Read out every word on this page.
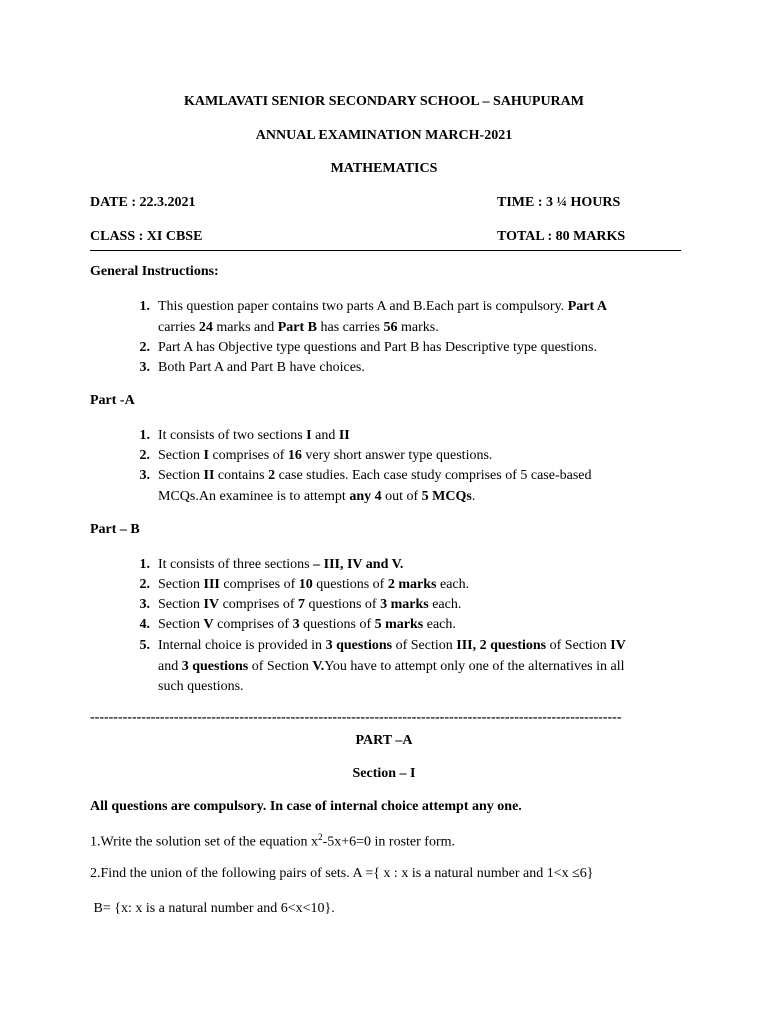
KAMLAVATI SENIOR SECONDARY SCHOOL – SAHUPURAM
ANNUAL EXAMINATION MARCH-2021
MATHEMATICS
DATE : 22.3.2021	TIME : 3 ¼ HOURS
CLASS : XI CBSE	TOTAL : 80 MARKS
General Instructions:
1. This question paper contains two parts A and B.Each part is compulsory. Part A
carries 24 marks and Part B has carries 56 marks.
2. Part A has Objective type questions and Part B has Descriptive type questions.
3. Both Part A and Part B have choices.
Part -A
1. It consists of two sections I and II
2. Section I comprises of 16 very short answer type questions.
3. Section II contains 2 case studies. Each case study comprises of 5 case-based
MCQs.An examinee is to attempt any 4 out of 5 MCQs.
Part – B
1. It consists of three sections – III, IV and V.
2. Section III comprises of 10 questions of 2 marks each.
3. Section IV comprises of 7 questions of 3 marks each.
4. Section V comprises of 3 questions of 5 marks each.
5. Internal choice is provided in 3 questions of Section III, 2 questions of Section IV
and 3 questions of Section V.You have to attempt only one of the alternatives in all
such questions.
------------------------------------------------------------------------------------------------------------------
PART –A
Section – I
All questions are compulsory. In case of internal choice attempt any one.
1.Write the solution set of the equation $x^2-5x+6=0$ in roster form.
2.Find the union of the following pairs of sets. A ={ x : x is a natural number and 1<x ≤6}
B= {x: x is a natural number and 6<x<10}.
